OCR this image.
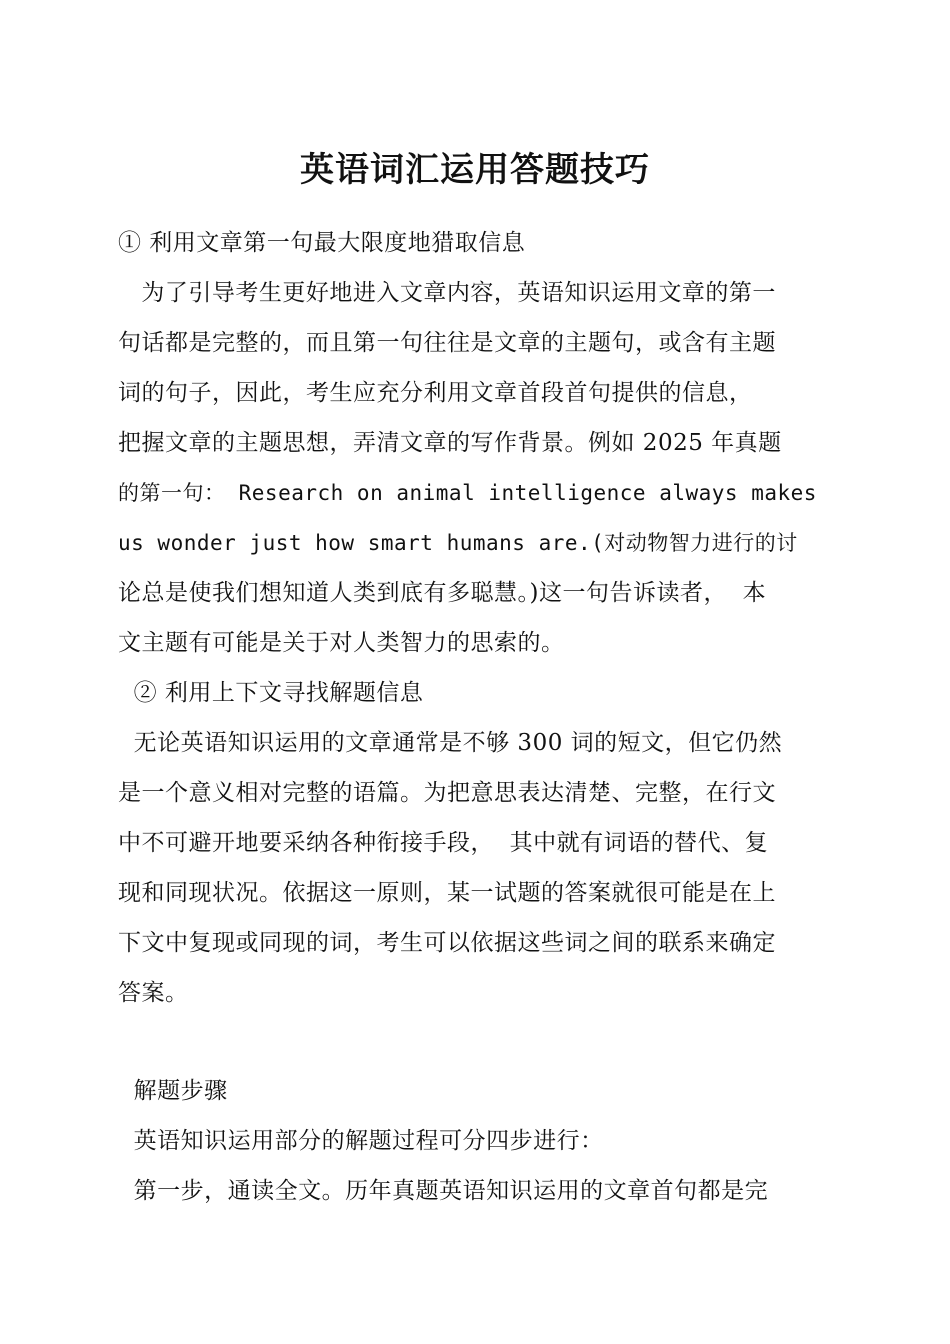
英语词汇运用答题技巧
① 利用文章第一句最大限度地猎取信息
为了引导考生更好地进入文章内容，英语知识运用文章的第一
句话都是完整的，而且第一句往往是文章的主题句，或含有主题
词的句子，因此，考生应充分利用文章首段首句提供的信息，
把握文章的主题思想，弄清文章的写作背景。例如 2025 年真题
的第一句： Research on animal intelligence always makes
us wonder just how smart humans are.(对动物智力进行的讨
论总是使我们想知道人类到底有多聪慧。)这一句告诉读者，  本
文主题有可能是关于对人类智力的思索的。
② 利用上下文寻找解题信息
无论英语知识运用的文章通常是不够 300 词的短文，但它仍然
是一个意义相对完整的语篇。为把意思表达清楚、完整，在行文
中不可避开地要采纳各种衔接手段，  其中就有词语的替代、复
现和同现状况。依据这一原则，某一试题的答案就很可能是在上
下文中复现或同现的词，考生可以依据这些词之间的联系来确定
答案。
解题步骤
英语知识运用部分的解题过程可分四步进行：
第一步，通读全文。历年真题英语知识运用的文章首句都是完
